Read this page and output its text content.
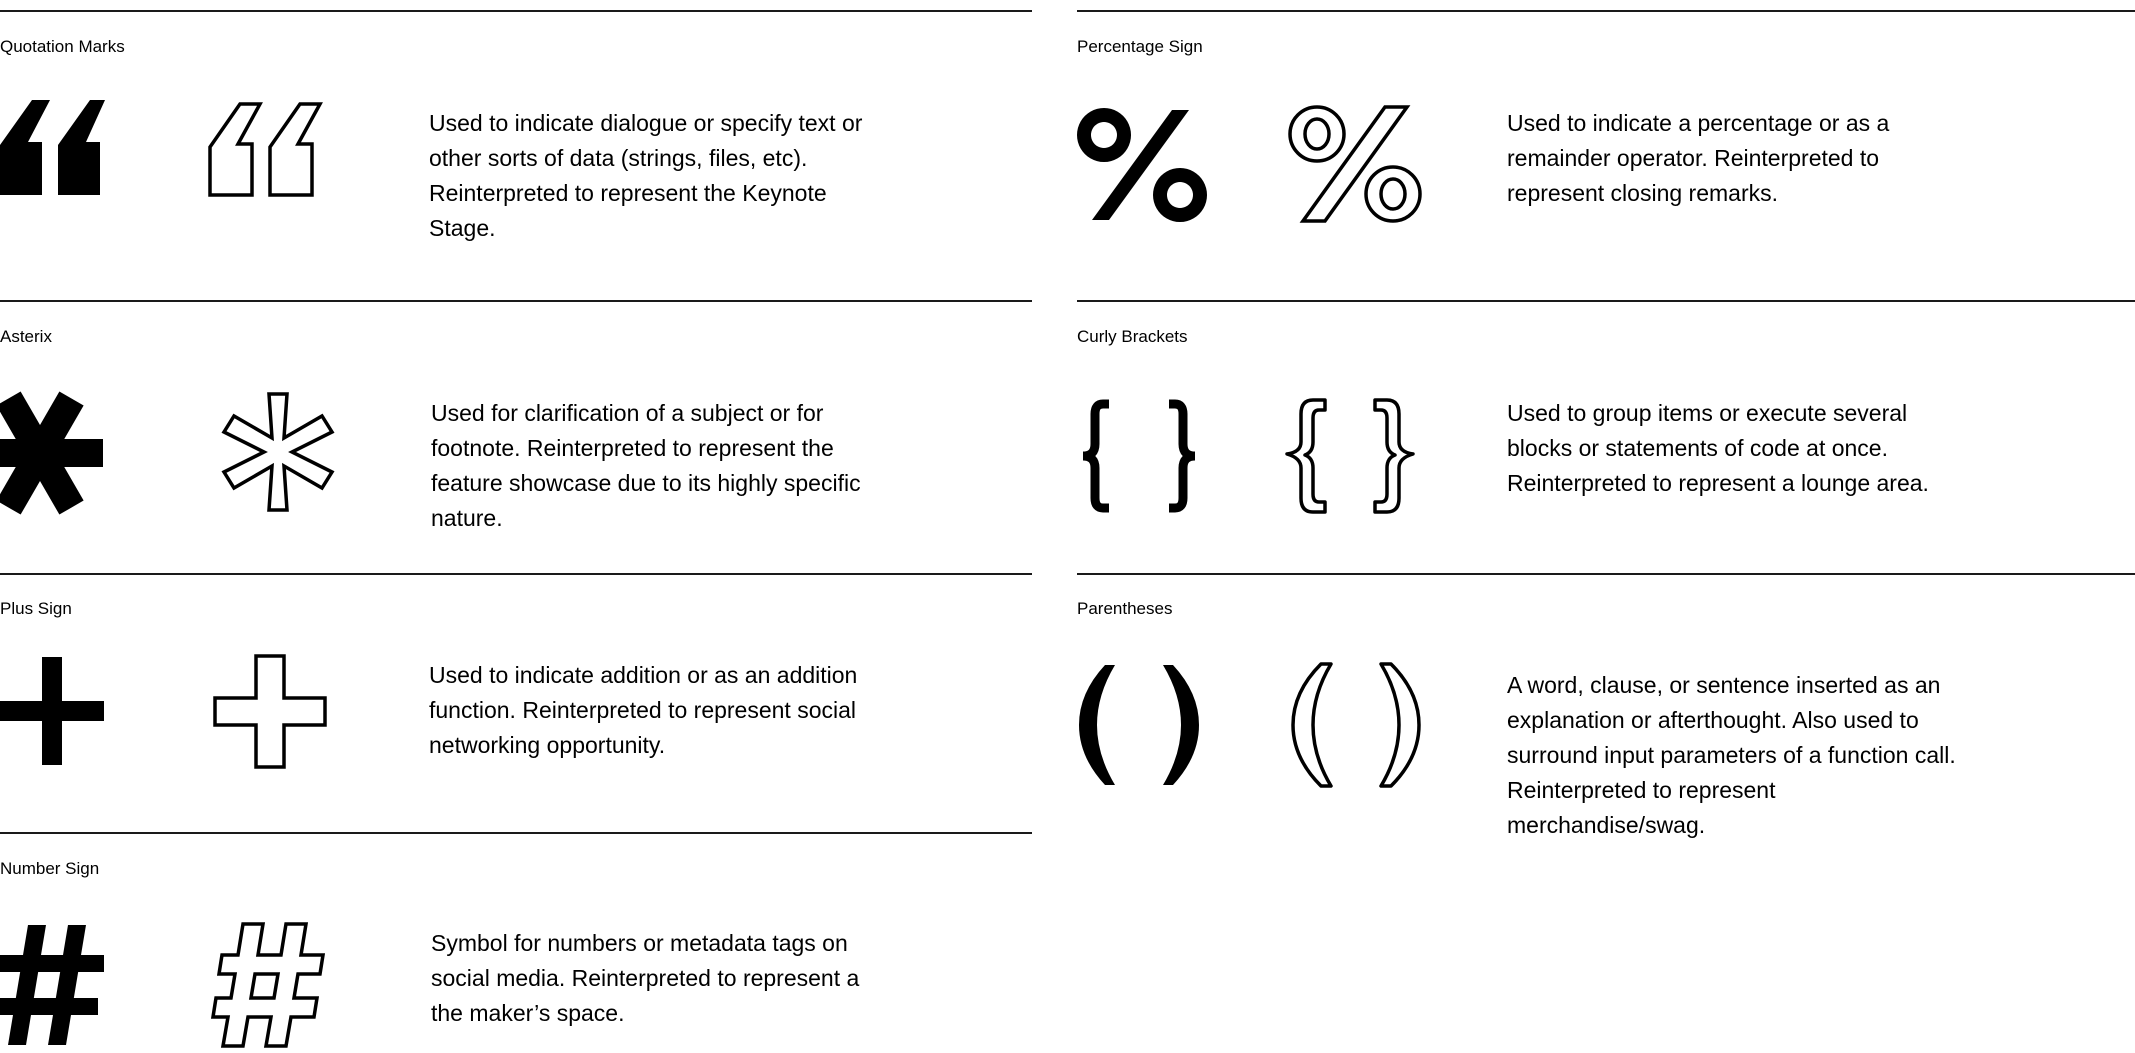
Quotation Marks

Used to indicate dialogue or specify text or other sorts of data (strings, files, etc). Reinterpreted to represent the Keynote Stage.

Asterix

Used for clarification of a subject or for footnote. Reinterpreted to represent the feature showcase due to its highly specific nature.

Plus Sign

Used to indicate addition or as an addition function. Reinterpreted to represent social networking opportunity.

Number Sign

Symbol for numbers or metadata tags on social media. Reinterpreted to represent a the maker’s space.

Percentage Sign

Used to indicate a percentage or as a remainder operator. Reinterpreted to represent closing remarks.

Curly Brackets

Used to group items or execute several blocks or statements of code at once. Reinterpreted to represent a lounge area.

Parentheses

A word, clause, or sentence inserted as an explanation or afterthought. Also used to surround input parameters of a function call. Reinterpreted to represent merchandise/swag.
